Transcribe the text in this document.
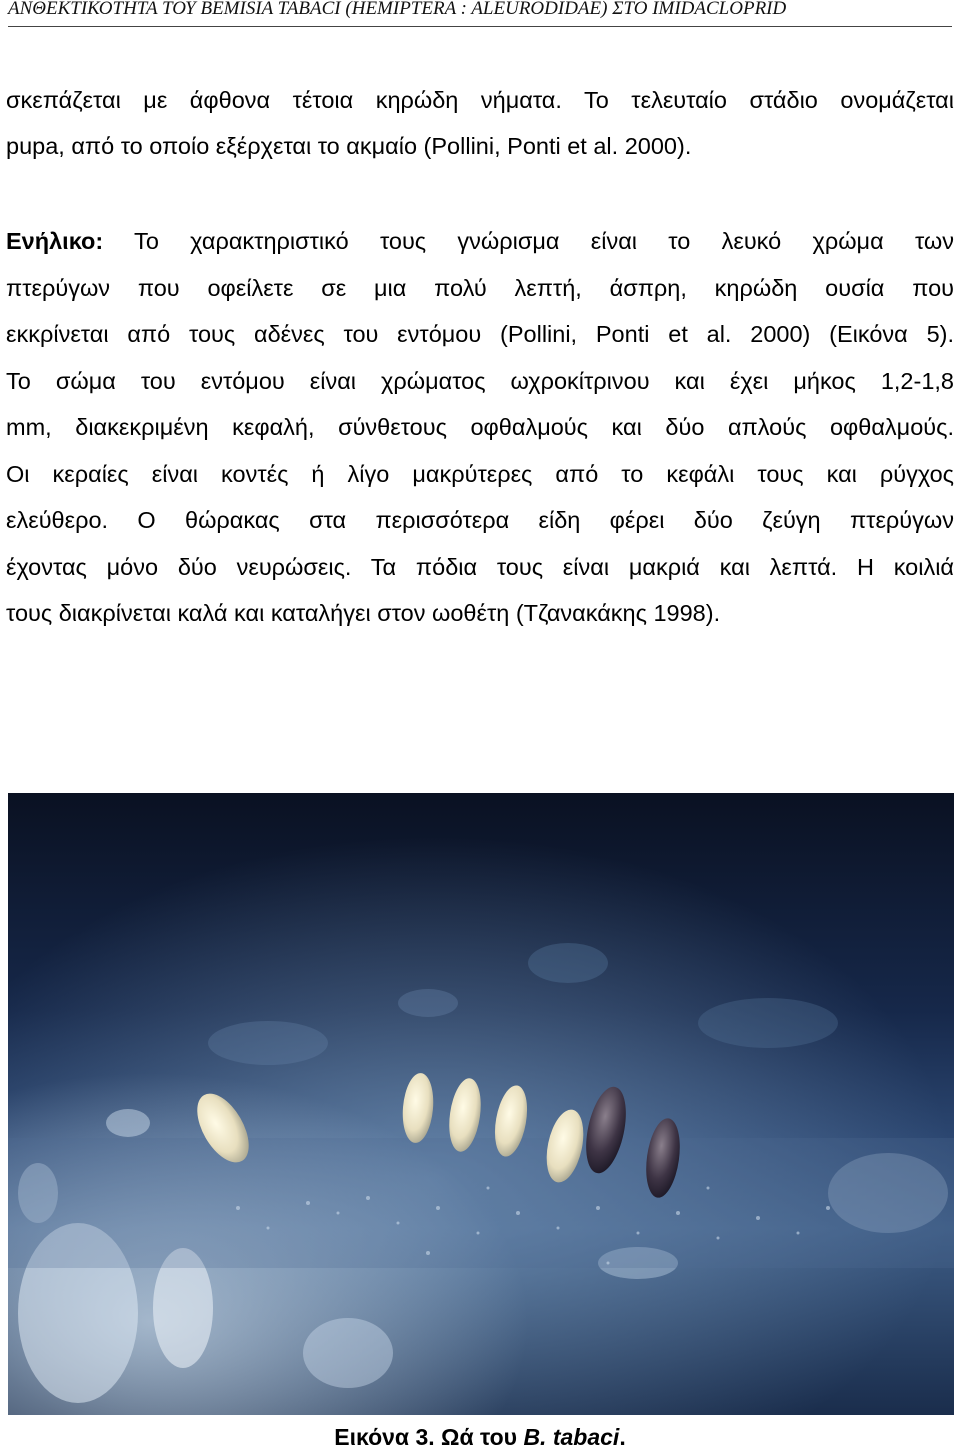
ΑΝΘΕΚΤΙΚΟΤΗΤΑ ΤΟΥ BEMISIA TABACI (HEMIPTERA : ALEURODIDAE) ΣΤΟ IMIDACLOPRID
σκεπάζεται με άφθονα τέτοια κηρώδη νήματα. Το τελευταίο στάδιο ονομάζεται
pupa, από το οποίο εξέρχεται το ακμαίο (Pollini, Ponti et al. 2000).
Ενήλικο: Το χαρακτηριστικό τους γνώρισμα είναι το λευκό χρώμα των
πτερύγων που οφείλετε σε μια πολύ λεπτή, άσπρη, κηρώδη ουσία που
εκκρίνεται από τους αδένες του εντόμου (Pollini, Ponti et al. 2000) (Εικόνα 5).
Το σώμα του εντόμου είναι χρώματος ωχροκίτρινου και έχει μήκος 1,2-1,8
mm, διακεκριμένη κεφαλή, σύνθετους οφθαλμούς και δύο απλούς οφθαλμούς.
Οι κεραίες είναι κοντές ή λίγο μακρύτερες από το κεφάλι τους και ρύγχος
ελεύθερο. Ο θώρακας στα περισσότερα είδη φέρει δύο ζεύγη πτερύγων
έχοντας μόνο δύο νευρώσεις. Τα πόδια τους είναι μακριά και λεπτά. Η κοιλιά
τους διακρίνεται καλά και καταλήγει στον ωοθέτη (Τζανακάκης 1998).
Εικόνα 3. Ωά του B. tabaci.
